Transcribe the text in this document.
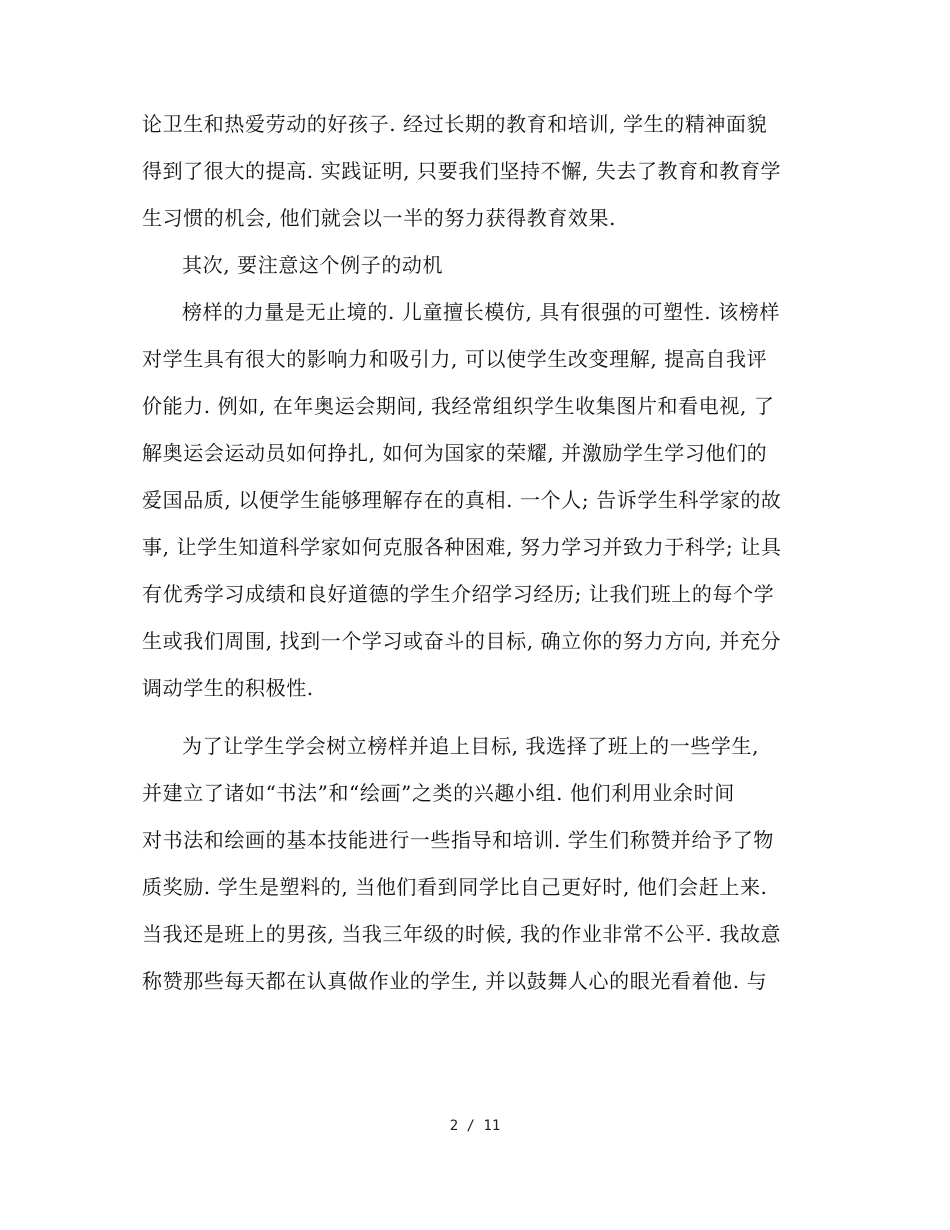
论卫生和热爱劳动的好孩子. 经过长期的教育和培训, 学生的精神面貌
得到了很大的提高. 实践证明, 只要我们坚持不懈, 失去了教育和教育学
生习惯的机会, 他们就会以一半的努力获得教育效果.
其次, 要注意这个例子的动机
榜样的力量是无止境的. 儿童擅长模仿, 具有很强的可塑性. 该榜样
对学生具有很大的影响力和吸引力, 可以使学生改变理解, 提高自我评
价能力. 例如, 在年奥运会期间, 我经常组织学生收集图片和看电视, 了
解奥运会运动员如何挣扎, 如何为国家的荣耀, 并激励学生学习他们的
爱国品质, 以便学生能够理解存在的真相. 一个人; 告诉学生科学家的故
事, 让学生知道科学家如何克服各种困难, 努力学习并致力于科学; 让具
有优秀学习成绩和良好道德的学生介绍学习经历; 让我们班上的每个学
生或我们周围, 找到一个学习或奋斗的目标, 确立你的努力方向, 并充分
调动学生的积极性.
为了让学生学会树立榜样并追上目标, 我选择了班上的一些学生,
并建立了诸如“书法”和“绘画”之类的兴趣小组. 他们利用业余时间
对书法和绘画的基本技能进行一些指导和培训. 学生们称赞并给予了物
质奖励. 学生是塑料的, 当他们看到同学比自己更好时, 他们会赶上来.
当我还是班上的男孩, 当我三年级的时候, 我的作业非常不公平. 我故意
称赞那些每天都在认真做作业的学生, 并以鼓舞人心的眼光看着他. 与
2 / 11
